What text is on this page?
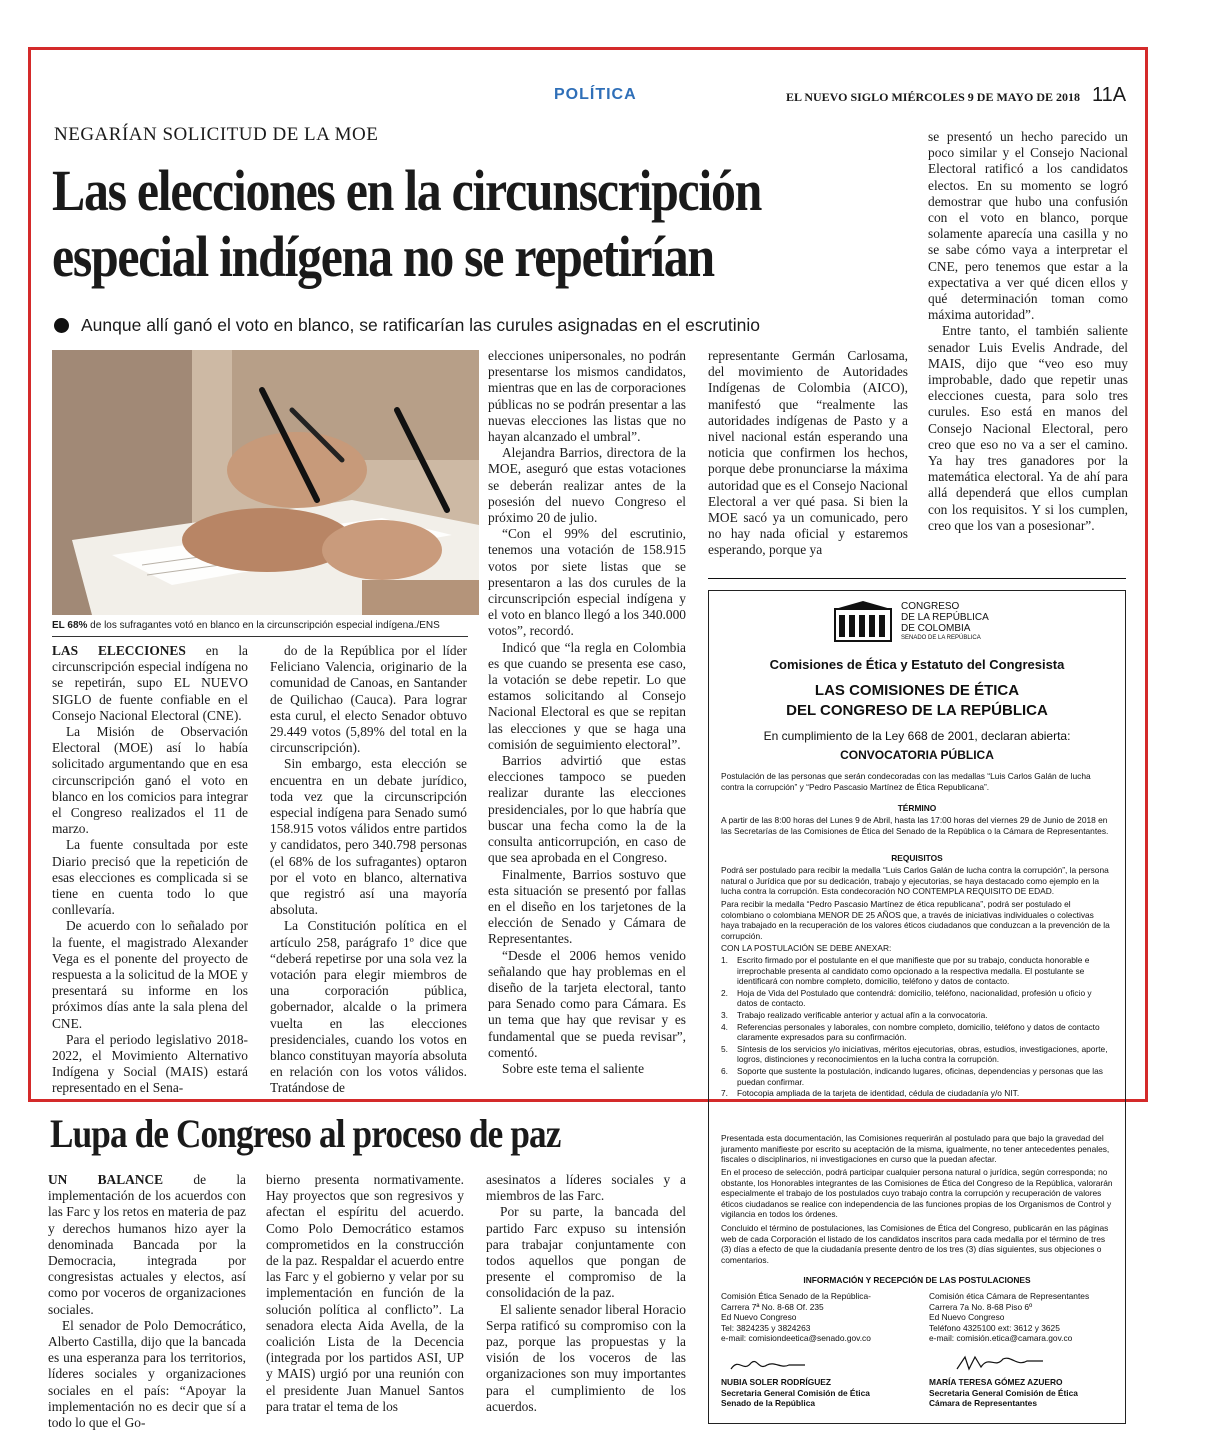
POLÍTICA	EL NUEVO SIGLO MIÉRCOLES 9 DE MAYO DE 2018 11A
NEGARÍAN SOLICITUD DE LA MOE
Las elecciones en la circunscripción especial indígena no se repetirían
Aunque allí ganó el voto en blanco, se ratificarían las curules asignadas en el escrutinio
EL 68% de los sufragantes votó en blanco en la circunscripción especial indígena./ENS

LAS ELECCIONES en la circunscripción especial indígena no se repetirán, supo EL NUEVO SIGLO de fuente confiable en el Consejo Nacional Electoral (CNE).

La Misión de Observación Electoral (MOE) así lo había solicitado argumentando que en esa circunscripción ganó el voto en blanco en los comicios para integrar el Congreso realizados el 11 de marzo.

La fuente consultada por este Diario precisó que la repetición de esas elecciones es complicada si se tiene en cuenta todo lo que conllevaría.

De acuerdo con lo señalado por la fuente, el magistrado Alexander Vega es el ponente del proyecto de respuesta a la solicitud de la MOE y presentará su informe en los próximos días ante la sala plena del CNE.

Para el periodo legislativo 2018-2022, el Movimiento Alternativo Indígena y Social (MAIS) estará representado en el Sena-

do de la República por el líder Feliciano Valencia, originario de la comunidad de Canoas, en Santander de Quilichao (Cauca). Para lograr esta curul, el electo Senador obtuvo 29.449 votos (5,89% del total en la circunscripción).

Sin embargo, esta elección se encuentra en un debate jurídico, toda vez que la circunscripción especial indígena para Senado sumó 158.915 votos válidos entre partidos y candidatos, pero 340.798 personas (el 68% de los sufragantes) optaron por el voto en blanco, alternativa que registró así una mayoría absoluta.

La Constitución política en el artículo 258, parágrafo 1º dice que “deberá repetirse por una sola vez la votación para elegir miembros de una corporación pública, gobernador, alcalde o la primera vuelta en las elecciones presidenciales, cuando los votos en blanco constituyan mayoría absoluta en relación con los votos válidos. Tratándose de

elecciones unipersonales, no podrán presentarse los mismos candidatos, mientras que en las de corporaciones públicas no se podrán presentar a las nuevas elecciones las listas que no hayan alcanzado el umbral”.

Alejandra Barrios, directora de la MOE, aseguró que estas votaciones se deberán realizar antes de la posesión del nuevo Congreso el próximo 20 de julio.

“Con el 99% del escrutinio, tenemos una votación de 158.915 votos por siete listas que se presentaron a las dos curules de la circunscripción especial indígena y el voto en blanco llegó a los 340.000 votos”, recordó.

Indicó que “la regla en Colombia es que cuando se presenta ese caso, la votación se debe repetir. Lo que estamos solicitando al Consejo Nacional Electoral es que se repitan las elecciones y que se haga una comisión de seguimiento electoral”.

Barrios advirtió que estas elecciones tampoco se pueden realizar durante las elecciones presidenciales, por lo que habría que buscar una fecha como la de la consulta anticorrupción, en caso de que sea aprobada en el Congreso.

Finalmente, Barrios sostuvo que esta situación se presentó por fallas en el diseño en los tarjetones de la elección de Senado y Cámara de Representantes.

“Desde el 2006 hemos venido señalando que hay problemas en el diseño de la tarjeta electoral, tanto para Senado como para Cámara. Es un tema que hay que revisar y es fundamental que se pueda revisar”, comentó.

Sobre este tema el saliente

representante Germán Carlosama, del movimiento de Autoridades Indígenas de Colombia (AICO), manifestó que “realmente las autoridades indígenas de Pasto y a nivel nacional están esperando una noticia que confirmen los hechos, porque debe pronunciarse la máxima autoridad que es el Consejo Nacional Electoral a ver qué pasa. Si bien la MOE sacó ya un comunicado, pero no hay nada oficial y estaremos esperando, porque ya

se presentó un hecho parecido un poco similar y el Consejo Nacional Electoral ratificó a los candidatos electos. En su momento se logró demostrar que hubo una confusión con el voto en blanco, porque solamente aparecía una casilla y no se sabe cómo vaya a interpretar el CNE, pero tenemos que estar a la expectativa a ver qué dicen ellos y qué determinación toman como máxima autoridad”.

Entre tanto, el también saliente senador Luis Evelis Andrade, del MAIS, dijo que “veo eso muy improbable, dado que repetir unas elecciones cuesta, para solo tres curules. Eso está en manos del Consejo Nacional Electoral, pero creo que eso no va a ser el camino. Ya hay tres ganadores por la matemática electoral. Ya de ahí para allá dependerá que ellos cumplan con los requisitos. Y si los cumplen, creo que los van a posesionar”.

Lupa de Congreso al proceso de paz

UN BALANCE de la implementación de los acuerdos con las Farc y los retos en materia de paz y derechos humanos hizo ayer la denominada Bancada por la Democracia, integrada por congresistas actuales y electos, así como por voceros de organizaciones sociales.

El senador de Polo Democrático, Alberto Castilla, dijo que la bancada es una esperanza para los territorios, líderes sociales y organizaciones sociales en el país: “Apoyar la implementación no es decir que sí a todo lo que el Go-

bierno presenta normativamente. Hay proyectos que son regresivos y afectan el espíritu del acuerdo. Como Polo Democrático estamos comprometidos en la construcción de la paz. Respaldar el acuerdo entre las Farc y el gobierno y velar por su implementación en función de la solución política al conflicto”. La senadora electa Aida Avella, de la coalición Lista de la Decencia (integrada por los partidos ASI, UP y MAIS) urgió por una reunión con el presidente Juan Manuel Santos para tratar el tema de los

asesinatos a líderes sociales y a miembros de las Farc.

Por su parte, la bancada del partido Farc expuso su intensión para trabajar conjuntamente con todos aquellos que pongan de presente el compromiso de la consolidación de la paz.

El saliente senador liberal Horacio Serpa ratificó su compromiso con la paz, porque las propuestas y la visión de los voceros de las organizaciones son muy importantes para el cumplimiento de los acuerdos.

CONGRESO
DE LA REPÚBLICA
DE COLOMBIA
SENADO DE LA REPÚBLICA
Comisiones de Ética y Estatuto del Congresista
LAS COMISIONES DE ÉTICA
DEL CONGRESO DE LA REPÚBLICA
En cumplimiento de la Ley 668 de 2001, declaran abierta:
CONVOCATORIA PÚBLICA
Postulación de las personas que serán condecoradas con las medallas “Luis Carlos Galán de lucha contra la corrupción” y “Pedro Pascasio Martínez de Ética Republicana”.
TÉRMINO
A partir de las 8:00 horas del Lunes 9 de Abril, hasta las 17:00 horas del viernes 29 de Junio de 2018 en las Secretarías de las Comisiones de Ética del Senado de la República o la Cámara de Representantes.
REQUISITOS
Podrá ser postulado para recibir la medalla “Luis Carlos Galán de lucha contra la corrupción”, la persona natural o Jurídica que por su dedicación, trabajo y ejecutorias, se haya destacado como ejemplo en la lucha contra la corrupción. Esta condecoración NO CONTEMPLA REQUISITO DE EDAD.
Para recibir la medalla “Pedro Pascasio Martínez de ética republicana”, podrá ser postulado el colombiano o colombiana MENOR DE 25 AÑOS que, a través de iniciativas individuales o colectivas haya trabajado en la recuperación de los valores éticos ciudadanos que conduzcan a la prevención de la corrupción.
CON LA POSTULACIÓN SE DEBE ANEXAR:
1.	Escrito firmado por el postulante en el que manifieste que por su trabajo, conducta honorable e irreprochable presenta al candidato como opcionado a la respectiva medalla. El postulante se identificará con nombre completo, domicilio, teléfono y datos de contacto.
2.	Hoja de Vida del Postulado que contendrá: domicilio, teléfono, nacionalidad, profesión u oficio y datos de contacto.
3.	Trabajo realizado verificable anterior y actual afín a la convocatoria.
4.	Referencias personales y laborales, con nombre completo, domicilio, teléfono y datos de contacto claramente expresados para su confirmación.
5.	Síntesis de los servicios y/o iniciativas, méritos ejecutorias, obras, estudios, investigaciones, aporte, logros, distinciones y reconocimientos en la lucha contra la corrupción.
6.	Soporte que sustente la postulación, indicando lugares, oficinas, dependencias y personas que las puedan confirmar.
7.	Fotocopia ampliada de la tarjeta de identidad, cédula de ciudadanía y/o NIT.
Presentada esta documentación, las Comisiones requerirán al postulado para que bajo la gravedad del juramento manifieste por escrito su aceptación de la misma, igualmente, no tener antecedentes penales, fiscales o disciplinarios, ni investigaciones en curso que la puedan afectar.
En el proceso de selección, podrá participar cualquier persona natural o jurídica, según corresponda; no obstante, los Honorables integrantes de las Comisiones de Ética del Congreso de la República, valorarán especialmente el trabajo de los postulados cuyo trabajo contra la corrupción y recuperación de valores éticos ciudadanos se realice con independencia de las funciones propias de los Organismos de Control y vigilancia en todos los órdenes.
Concluido el término de postulaciones, las Comisiones de Ética del Congreso, publicarán en las páginas web de cada Corporación el listado de los candidatos inscritos para cada medalla por el término de tres (3) días a efecto de que la ciudadanía presente dentro de los tres (3) días siguientes, sus objeciones o comentarios.
INFORMACIÓN Y RECEPCIÓN DE LAS POSTULACIONES
Comisión Ética Senado de la República-
Carrera 7ª No. 8-68 Of. 235
Ed Nuevo Congreso
Tel: 3824235 y 3824263
e-mail: comisiondeetica@senado.gov.co
Comisión ética Cámara de Representantes
Carrera 7a No. 8-68 Piso 6º
Ed Nuevo Congreso
Teléfono 4325100 ext: 3612 y 3625
e-mail: comisión.etica@camara.gov.co
NUBIA SOLER RODRÍGUEZ
Secretaria General Comisión de Ética
Senado de la República
MARÍA TERESA GÓMEZ AZUERO
Secretaria General Comisión de Ética
Cámara de Representantes
